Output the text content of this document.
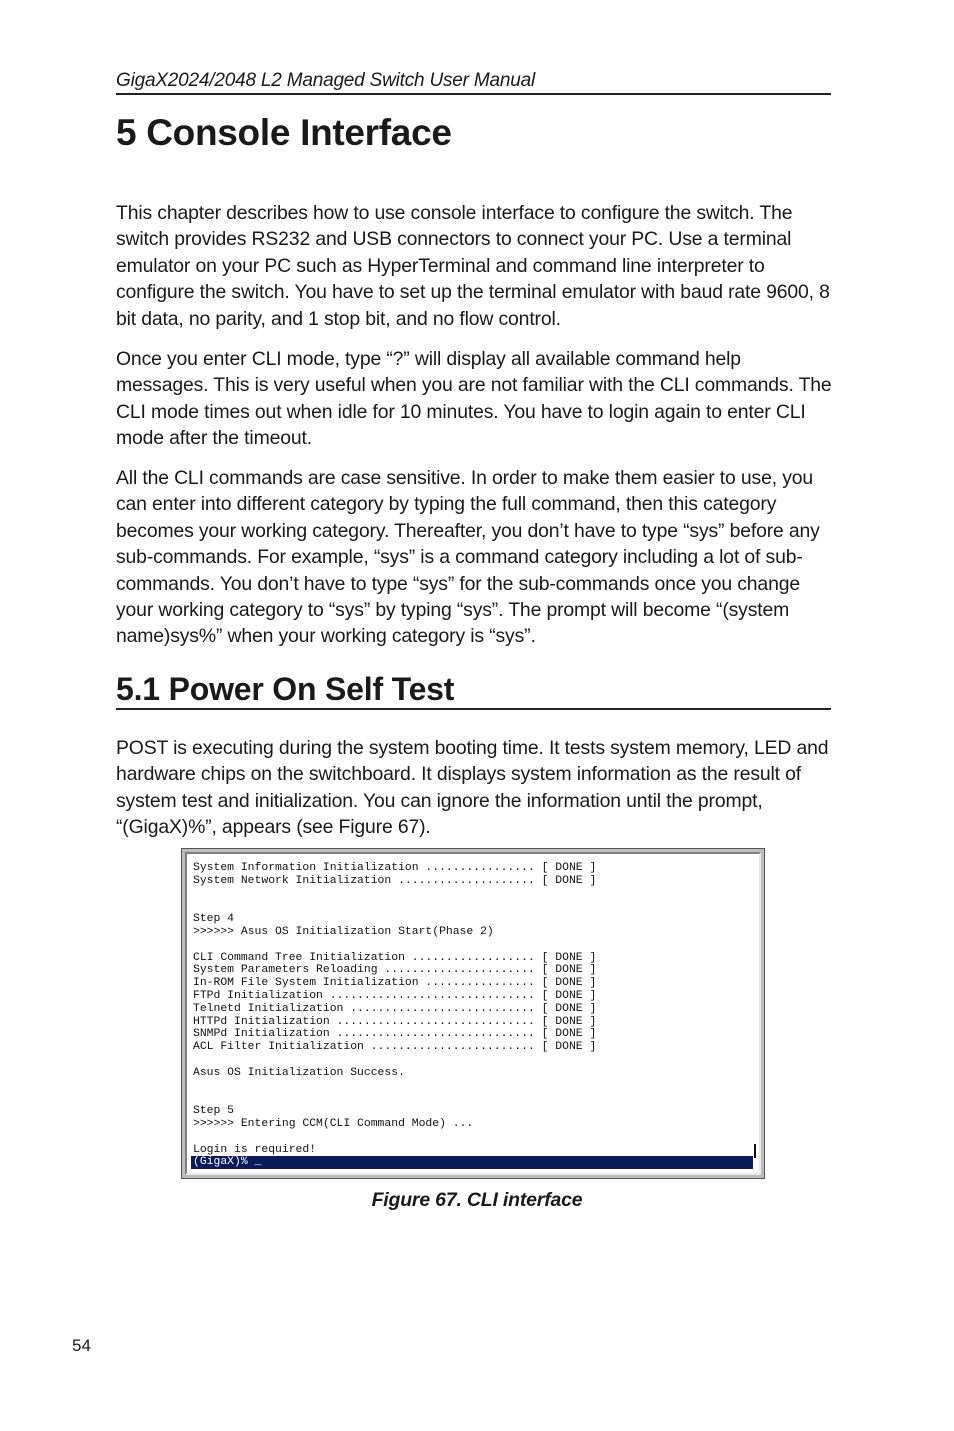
GigaX2024/2048 L2 Managed Switch User Manual
5 Console Interface

This chapter describes how to use console interface to configure the switch. The switch provides RS232 and USB connectors to connect your PC. Use a terminal emulator on your PC such as HyperTerminal and command line interpreter to configure the switch. You have to set up the terminal emulator with baud rate 9600, 8 bit data, no parity, and 1 stop bit, and no flow control.

Once you enter CLI mode, type “?” will display all available command help messages. This is very useful when you are not familiar with the CLI commands. The CLI mode times out when idle for 10 minutes. You have to login again to enter CLI mode after the timeout.

All the CLI commands are case sensitive. In order to make them easier to use, you can enter into different category by typing the full command, then this category becomes your working category. Thereafter, you don’t have to type “sys” before any sub-commands. For example, “sys” is a command category including a lot of sub-commands. You don’t have to type “sys” for the sub-commands once you change your working category to “sys” by typing “sys”. The prompt will become “(system name)sys%” when your working category is “sys”.

5.1 Power On Self Test

POST is executing during the system booting time. It tests system memory, LED and hardware chips on the switchboard. It displays system information as the result of system test and initialization. You can ignore the information until the prompt, “(GigaX)%”, appears (see Figure 67).

System Information Initialization ................ [ DONE ]
System Network Initialization .................... [ DONE ]

Step 4
>>>>>> Asus OS Initialization Start(Phase 2)

CLI Command Tree Initialization .................. [ DONE ]
System Parameters Reloading ...................... [ DONE ]
In-ROM File System Initialization ................ [ DONE ]
FTPd Initialization .............................. [ DONE ]
Telnetd Initialization ........................... [ DONE ]
HTTPd Initialization ............................. [ DONE ]
SNMPd Initialization ............................. [ DONE ]
ACL Filter Initialization ........................ [ DONE ]

Asus OS Initialization Success.

Step 5
>>>>>> Entering CCM(CLI Command Mode) ...

Login is required!
(GigaX)% _

Figure 67. CLI interface

54
